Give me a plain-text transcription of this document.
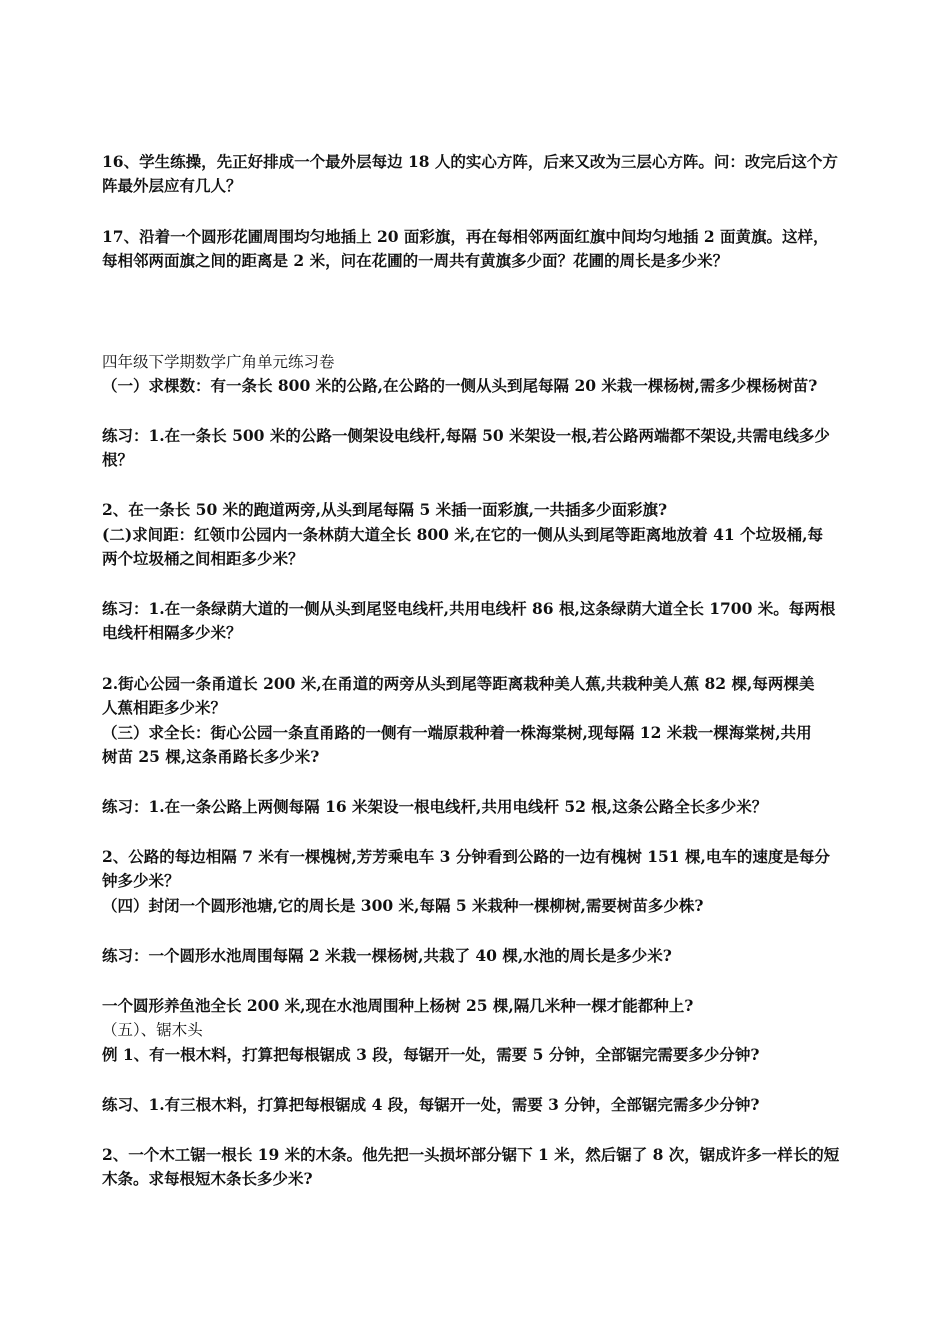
16、学生练操，先正好排成一个最外层每边 18 人的实心方阵，后来又改为三层心方阵。问：改完后这个方
阵最外层应有几人？
17、沿着一个圆形花圃周围均匀地插上 20 面彩旗，再在每相邻两面红旗中间均匀地插 2 面黄旗。这样，
每相邻两面旗之间的距离是 2 米，问在花圃的一周共有黄旗多少面？花圃的周长是多少米？
四年级下学期数学广角单元练习卷
（一）求棵数：有一条长 800 米的公路,在公路的一侧从头到尾每隔 20 米栽一棵杨树,需多少棵杨树苗?
练习：1.在一条长 500 米的公路一侧架设电线杆,每隔 50 米架设一根,若公路两端都不架设,共需电线多少
根？
2、在一条长 50 米的跑道两旁,从头到尾每隔 5 米插一面彩旗,一共插多少面彩旗?
(二)求间距：红领巾公园内一条林荫大道全长 800 米,在它的一侧从头到尾等距离地放着 41 个垃圾桶,每
两个垃圾桶之间相距多少米？
练习：1.在一条绿荫大道的一侧从头到尾竖电线杆,共用电线杆 86 根,这条绿荫大道全长 1700 米。每两根
电线杆相隔多少米？
2.街心公园一条甬道长 200 米,在甬道的两旁从头到尾等距离栽种美人蕉,共栽种美人蕉 82 棵,每两棵美
人蕉相距多少米？
（三）求全长：街心公园一条直甬路的一侧有一端原栽种着一株海棠树,现每隔 12 米栽一棵海棠树,共用
树苗 25 棵,这条甬路长多少米?
练习：1.在一条公路上两侧每隔 16 米架设一根电线杆,共用电线杆 52 根,这条公路全长多少米？
2、公路的每边相隔 7 米有一棵槐树,芳芳乘电车 3 分钟看到公路的一边有槐树 151 棵,电车的速度是每分
钟多少米？
（四）封闭一个圆形池塘,它的周长是 300 米,每隔 5 米栽种一棵柳树,需要树苗多少株?
练习：一个圆形水池周围每隔 2 米栽一棵杨树,共栽了 40 棵,水池的周长是多少米?
一个圆形养鱼池全长 200 米,现在水池周围种上杨树 25 棵,隔几米种一棵才能都种上?
（五）、锯木头
例 1、有一根木料，打算把每根锯成 3 段，每锯开一处，需要 5 分钟，全部锯完需要多少分钟?
练习、1.有三根木料，打算把每根锯成 4 段，每锯开一处，需要 3 分钟，全部锯完需多少分钟?
2、一个木工锯一根长 19 米的木条。他先把一头损坏部分锯下 1 米，然后锯了 8 次，锯成许多一样长的短
木条。求每根短木条长多少米?
